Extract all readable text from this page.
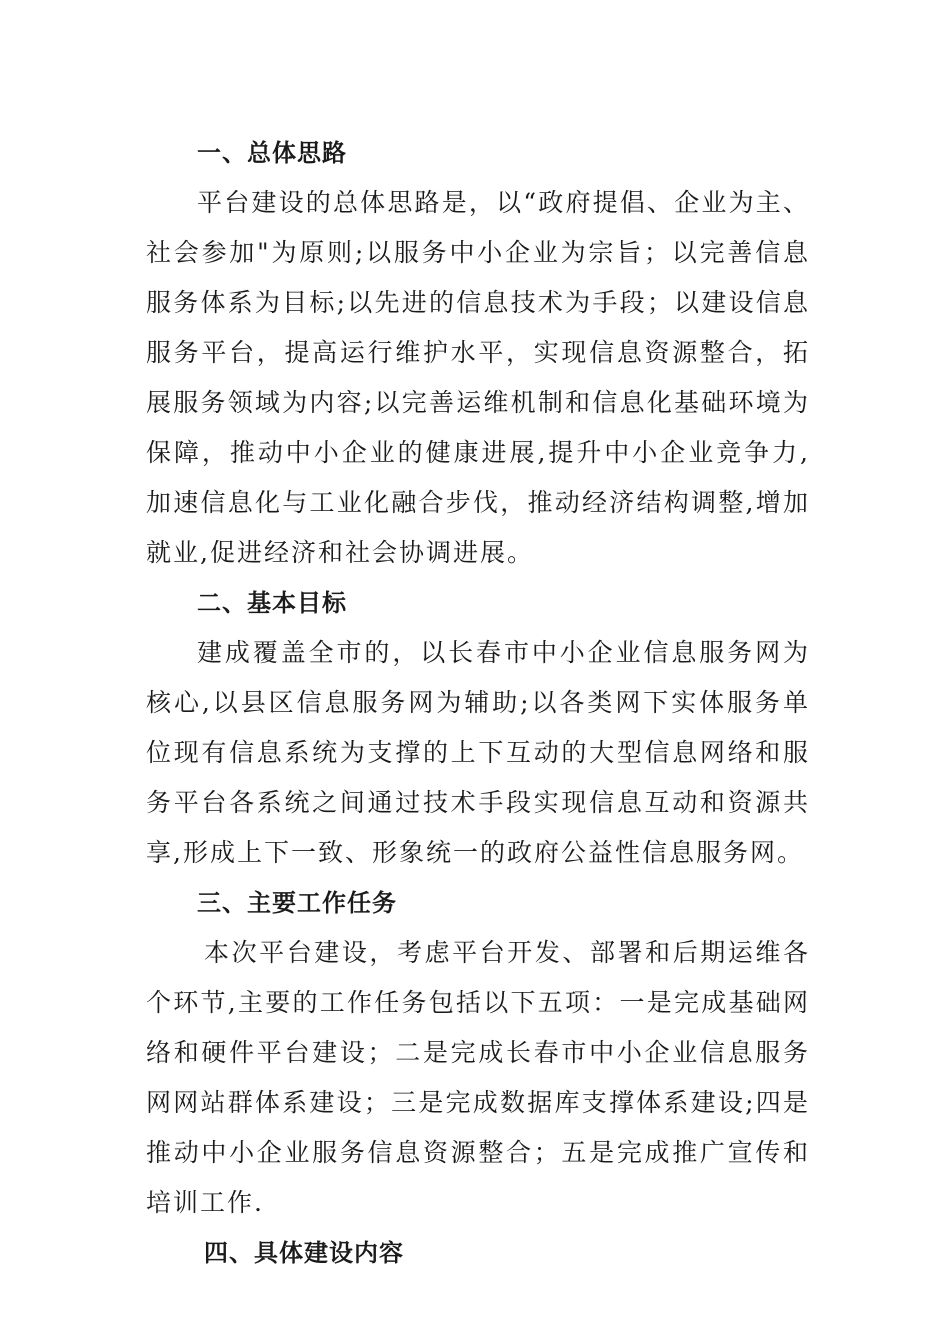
一、总体思路

平台建设的总体思路是，以“政府提倡、企业为主、社会参加"为原则;以服务中小企业为宗旨；以完善信息服务体系为目标;以先进的信息技术为手段；以建设信息服务平台，提高运行维护水平，实现信息资源整合，拓展服务领域为内容;以完善运维机制和信息化基础环境为保障，推动中小企业的健康进展,提升中小企业竞争力,加速信息化与工业化融合步伐，推动经济结构调整,增加就业,促进经济和社会协调进展。

二、基本目标

建成覆盖全市的，以长春市中小企业信息服务网为核心,以县区信息服务网为辅助;以各类网下实体服务单位现有信息系统为支撑的上下互动的大型信息网络和服务平台各系统之间通过技术手段实现信息互动和资源共享,形成上下一致、形象统一的政府公益性信息服务网。

三、主要工作任务

本次平台建设，考虑平台开发、部署和后期运维各个环节,主要的工作任务包括以下五项：一是完成基础网络和硬件平台建设；二是完成长春市中小企业信息服务网网站群体系建设；三是完成数据库支撑体系建设;四是推动中小企业服务信息资源整合；五是完成推广宣传和培训工作.

四、具体建设内容
